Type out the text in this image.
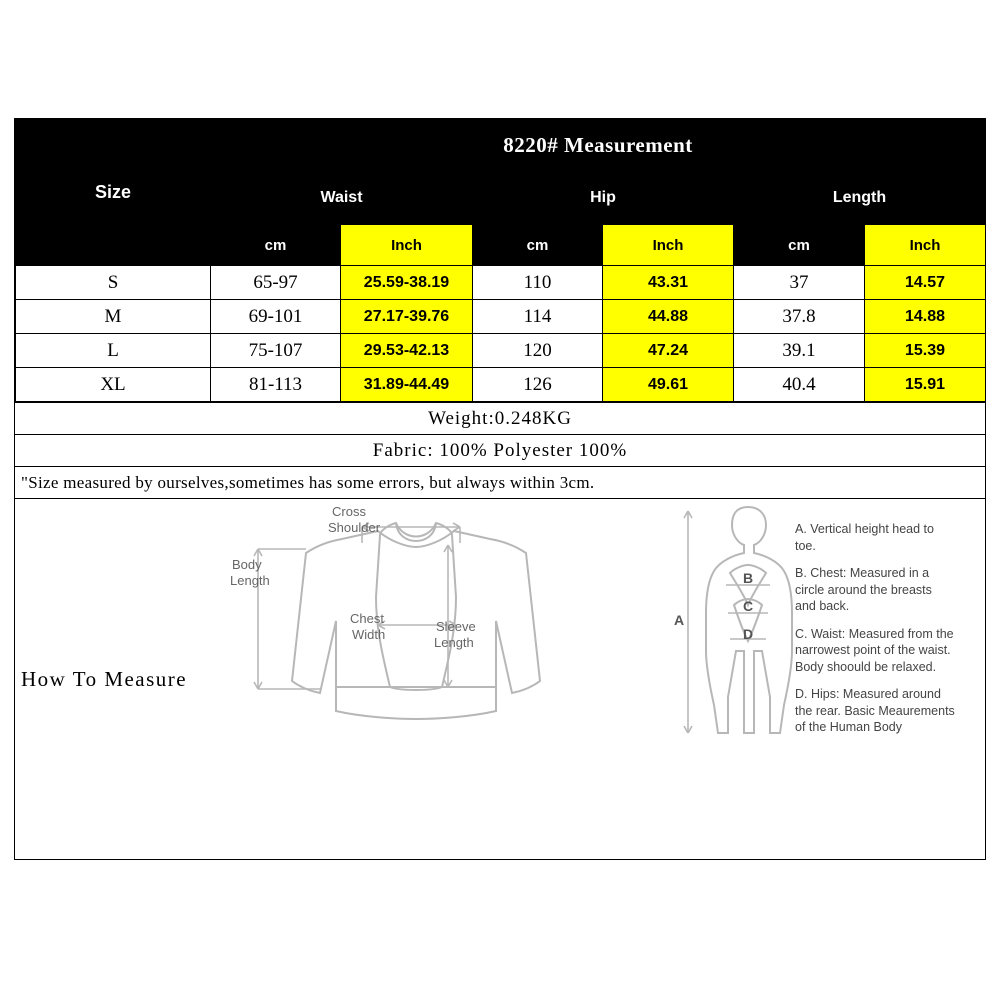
Size	8220# Measurement					
	Waist		Hip		Length	
	cm	Inch	cm	Inch	cm	Inch
S	65-97	25.59-38.19	110	43.31	37	14.57
M	69-101	27.17-39.76	114	44.88	37.8	14.88
L	75-107	29.53-42.13	120	47.24	39.1	15.39
XL	81-113	31.89-44.49	126	49.61	40.4	15.91
Weight:0.248KG
Fabric: 100% Polyester 100%
"Size measured by ourselves,sometimes has some errors, but always within 3cm.
How To Measure
Cross
Shoulder
Body
Length
Chest
Width
Sleeve
Length
A
B
C
D

A. Vertical height head to toe.

B. Chest: Measured in a circle around the breasts and back.

C. Waist: Measured from the narrowest point of the waist. Body shoould be relaxed.

D. Hips: Measured around the rear. Basic Meaurements of the Human Body
